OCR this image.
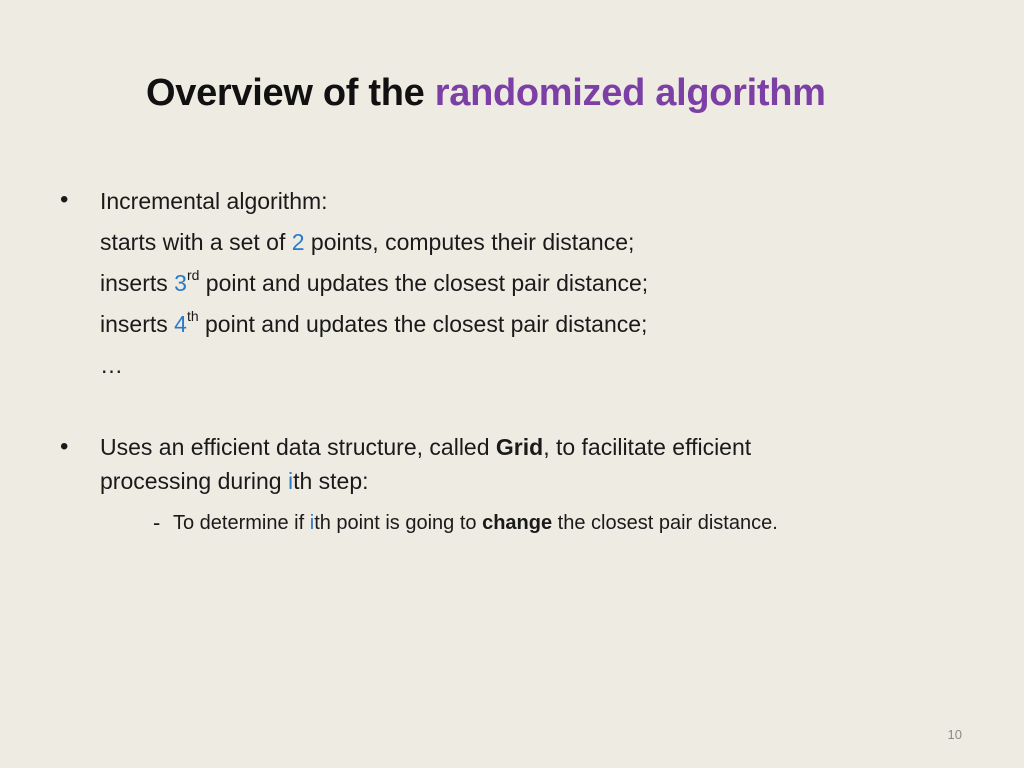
Overview of the randomized algorithm
• Incremental algorithm:
starts with a set of 2 points, computes their distance;
inserts 3rd point and updates the closest pair distance;
inserts 4th point and updates the closest pair distance;
…
• Uses an efficient data structure, called Grid, to facilitate efficient
processing during ith step:
- To determine if ith point is going to change the closest pair distance.
10
